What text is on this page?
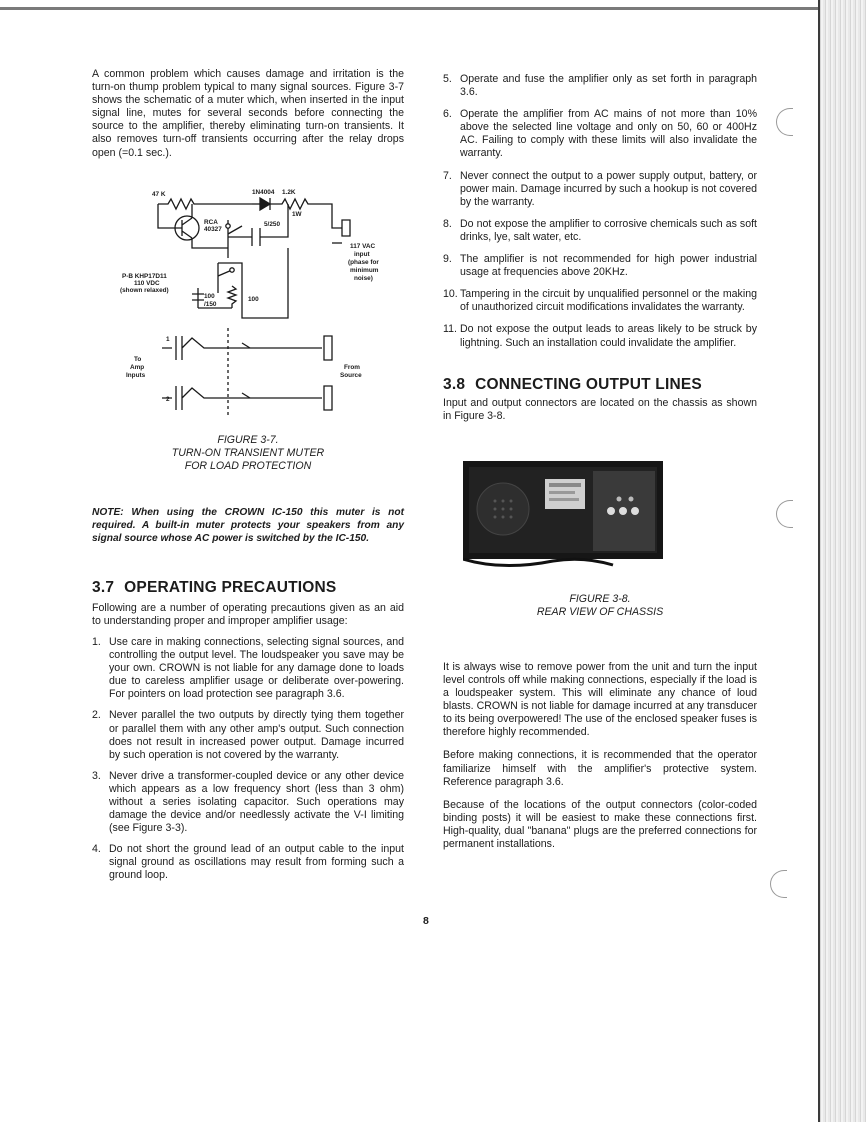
A common problem which causes damage and irritation is the turn-on thump problem typical to many signal sources. Figure 3-7 shows the schematic of a muter which, when inserted in the input signal line, mutes for several seconds before connecting the source to the amplifier, thereby eliminating turn-on transients. It also removes turn-off transients occurring after the relay drops open (=0.1 sec.).

47 K	1N4004 1.2K
1W
RCA
40327
5/250
117 VAC
input
(phase for
minimum
noise)
P-B KHP17D11
110 VDC
(shown relaxed)
100
/150
100
To
Amp
Inputs
From
Source
1
2
FIGURE 3-7.
TURN-ON TRANSIENT MUTER
FOR LOAD PROTECTION

NOTE: When using the CROWN IC-150 this muter is not required. A built-in muter protects your speakers from any signal source whose AC power is switched by the IC-150.

3.7 OPERATING PRECAUTIONS

Following are a number of operating precautions given as an aid to understanding proper and improper amplifier usage:

1. Use care in making connections, selecting signal sources, and controlling the output level. The loudspeaker you save may be your own. CROWN is not liable for any damage done to loads due to careless amplifier usage or deliberate over-powering. For pointers on load protection see paragraph 3.6.
2. Never parallel the two outputs by directly tying them together or parallel them with any other amp's output. Such connection does not result in increased power output. Damage incurred by such operation is not covered by the warranty.
3. Never drive a transformer-coupled device or any other device which appears as a low frequency short (less than 3 ohm) without a series isolating capacitor. Such operations may damage the device and/or needlessly activate the V-I limiting (see Figure 3-3).
4. Do not short the ground lead of an output cable to the input signal ground as oscillations may result from forming such a ground loop.
5. Operate and fuse the amplifier only as set forth in paragraph 3.6.
6. Operate the amplifier from AC mains of not more than 10% above the selected line voltage and only on 50, 60 or 400Hz AC. Failing to comply with these limits will also invalidate the warranty.
7. Never connect the output to a power supply output, battery, or power main. Damage incurred by such a hookup is not covered by the warranty.
8. Do not expose the amplifier to corrosive chemicals such as soft drinks, lye, salt water, etc.
9. The amplifier is not recommended for high power industrial usage at frequencies above 20KHz.
10. Tampering in the circuit by unqualified personnel or the making of unauthorized circuit modifications invalidates the warranty.
11. Do not expose the output leads to areas likely to be struck by lightning. Such an installation could invalidate the amplifier.
3.8 CONNECTING OUTPUT LINES

Input and output connectors are located on the chassis as shown in Figure 3-8.

FIGURE 3-8.
REAR VIEW OF CHASSIS

It is always wise to remove power from the unit and turn the input level controls off while making connections, especially if the load is a loudspeaker system. This will eliminate any chance of loud blasts. CROWN is not liable for damage incurred at any transducer to its being overpowered! The use of the enclosed speaker fuses is therefore highly recommended.

Before making connections, it is recommended that the operator familiarize himself with the amplifier's protective system. Reference paragraph 3.6.

Because of the locations of the output connectors (color-coded binding posts) it will be easiest to make these connections first. High-quality, dual "banana" plugs are the preferred connections for permanent installations.

8
